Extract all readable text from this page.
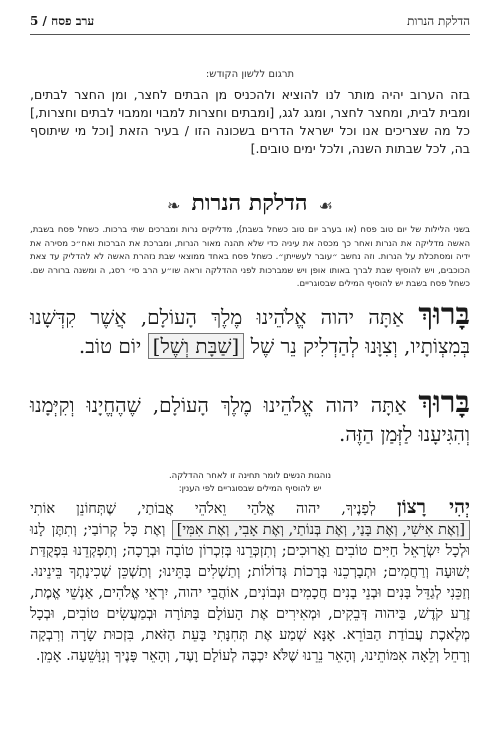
ערב פסח / 5	הדלקת הנרות
תרגום ללשון הקודש:
בזה הערוב יהיה מותר לנו להוציא ולהכניס מן הבתים לחצר, ומן החצר לבתים, ומבית לבית, ומחצר לחצר, ומגג לגג, [ומבתים וחצרות למבוי וממבוי לבתים וחצרות,] כל מה שצריכים אנו וכל ישראל הדרים בשכונה הזו / בעיר הזאת [וכל מי שיתוסף בה, לכל שבתות השנה, ולכל ימים טובים.]
❧ הדלקת הנרות ☙
בשני הלילות של יום טוב פסח (או בערב יום טוב כשחל בשבת), מדליקים נרות ומברכים שתי ברכות. כשחל פסח בשבת, האשה מדליקה את הנרות ואחר כך מכסה את עיניה כדי שלא תהנה מאור הנרות, ומברכת את הברכות ואח״כ מסירה את ידיה ומסתכלת על הנרות. וזה נחשב ״עובר לעשייתן״. כשחל פסח באחד ממוצאי שבת נזהרת האשה לא להדליק עד צאת הכוכבים, ויש להוסיף שבת לברך באותו אופן ויש שמברכות לפני ההדלקה וראה שו״ע הרב סי׳ רסג, ה ומשנה ברורה שם. כשחל פסח בשבת יש להוסיף המילים שבסוגריים.
בָּרוּךְ אַתָּה יהוה אֱלֹהֵינוּ מֶלֶךְ הָעוֹלָם, אֲשֶׁר קִדְּשָׁנוּ בְּמִצְוֹתָיו, וְצִוָּנוּ לְהַדְלִיק נֵר שֶׁל [שַׁבָּת וְשֶׁל] יוֹם טוֹב.
בָּרוּךְ אַתָּה יהוה אֱלֹהֵינוּ מֶלֶךְ הָעוֹלָם, שֶׁהֶחֱיָנוּ וְקִיְּמָנוּ וְהִגִּיעָנוּ לַזְּמַן הַזֶּה.
נוהגות הנשים לומר תחינה זו לאחר ההדלקה.
יש להוסיף המילים שבסוגריים לפי הענין:
יְהִי רָצוֹן לְפָנֶיךָ, יהוה אֱלֹהַי וֵאלֹהֵי אֲבוֹתַי, שֶׁתְּחוֹנֵן אוֹתִי [וְאֶת אִישִׁי, וְאֶת בָּנַי, וְאֶת בְּנוֹתַי, וְאֶת אָבִי, וְאֶת אִמִּי] וְאֶת כָּל קְרוֹבַי; וְתִתֶּן לָנוּ וּלְכָל יִשְׂרָאֵל חַיִּים טוֹבִים וַאֲרוּכִים; וְתִזְכְּרֵנוּ בְּזִכְרוֹן טוֹבָה וּבְרָכָה; וְתִפְקְדֵנוּ בִּפְקֻדַּת יְשׁוּעָה וְרַחֲמִים; וּתְבָרְכֵנוּ בְּרָכוֹת גְּדוֹלוֹת; וְתַשְׁלִים בָּתֵּינוּ; וְתַשְׁכֵּן שְׁכִינָתְךָ בֵּינֵינוּ. וְזַכֵּנִי לְגַדֵּל בָּנִים וּבְנֵי בָנִים חֲכָמִים וּנְבוֹנִים, אוֹהֲבֵי יהוה, יִרְאֵי אֱלֹהִים, אַנְשֵׁי אֱמֶת, זֶרַע קֹדֶשׁ, בַּיהוה דְּבֵקִים, וּמְאִירִים אֶת הָעוֹלָם בַּתּוֹרָה וּבְמַעֲשִׂים טוֹבִים, וּבְכָל מְלֶאכֶת עֲבוֹדַת הַבּוֹרֵא. אָנָּא שְׁמַע אֶת תְּחִנָּתִי בָּעֵת הַזֹּאת, בִּזְכוּת שָׂרָה וְרִבְקָה וְרָחֵל וְלֵאָה אִמּוֹתֵינוּ, וְהָאֵר נֵרֵנוּ שֶׁלֹּא יִכְבֶּה לְעוֹלָם וָעֶד, וְהָאֵר פָּנֶיךָ וְנִוָּשֵׁעָה. אָמֵן.
